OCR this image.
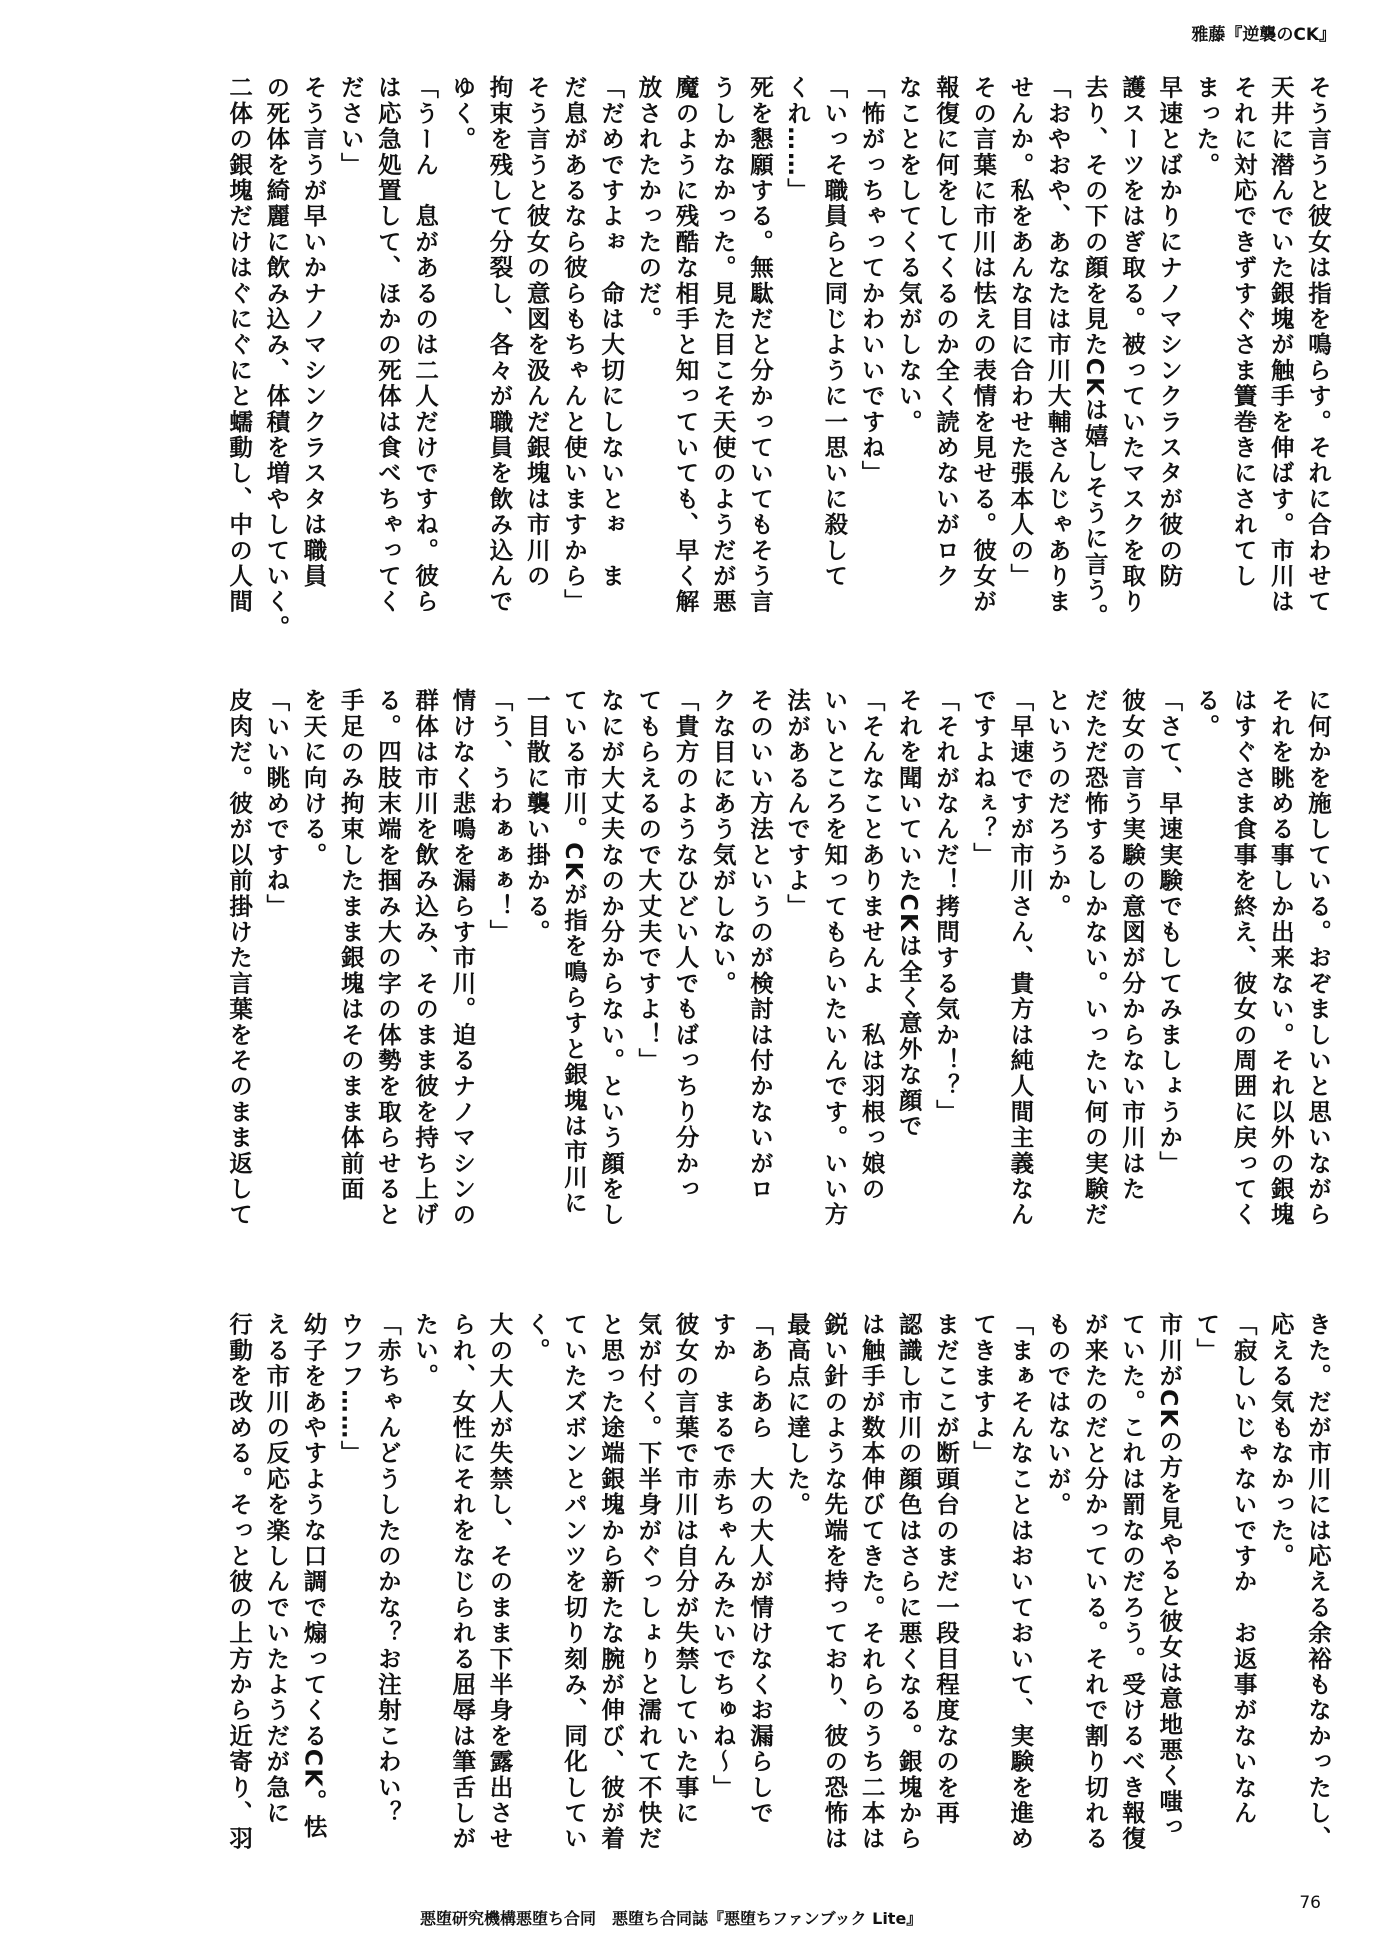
雅藤『逆襲のCK』

そう言うと彼女は指を鳴らす。それに合わせて

天井に潜んでいた銀塊が触手を伸ばす。市川は

それに対応できずすぐさま簀巻きにされてし

まった。

早速とばかりにナノマシンクラスタが彼の防

護スーツをはぎ取る。被っていたマスクを取り

去り、その下の顔を見たCKは嬉しそうに言う。

「おやおや、あなたは市川大輔さんじゃありま

せんか。私をあんな目に合わせた張本人の」

その言葉に市川は怯えの表情を見せる。彼女が

報復に何をしてくるのか全く読めないがロク

なことをしてくる気がしない。

「怖がっちゃってかわいいですね」

「いっそ職員らと同じように一思いに殺して

くれ……」

死を懇願する。無駄だと分かっていてもそう言

うしかなかった。見た目こそ天使のようだが悪

魔のように残酷な相手と知っていても、早く解

放されたかったのだ。

「だめですよぉ　命は大切にしないとぉ　ま

だ息があるなら彼らもちゃんと使いますから」

そう言うと彼女の意図を汲んだ銀塊は市川の

拘束を残して分裂し、各々が職員を飲み込んで

ゆく。

「うーん　息があるのは二人だけですね。彼ら

は応急処置して、ほかの死体は食べちゃってく

ださい」

そう言うが早いかナノマシンクラスタは職員

の死体を綺麗に飲み込み、体積を増やしていく。

二体の銀塊だけはぐにぐにと蠕動し、中の人間

に何かを施している。おぞましいと思いながら

それを眺める事しか出来ない。それ以外の銀塊

はすぐさま食事を終え、彼女の周囲に戻ってく

る。

「さて、早速実験でもしてみましょうか」

彼女の言う実験の意図が分からない市川はた

だただ恐怖するしかない。いったい何の実験だ

というのだろうか。

「早速ですが市川さん、貴方は純人間主義なん

ですよねぇ？」

「それがなんだ！拷問する気か！？」

それを聞いていたCKは全く意外な顔で

「そんなことありませんよ　私は羽根っ娘の

いいところを知ってもらいたいんです。いい方

法があるんですよ」

そのいい方法というのが検討は付かないがロ

クな目にあう気がしない。

「貴方のようなひどい人でもばっちり分かっ

てもらえるので大丈夫ですよ！」

なにが大丈夫なのか分からない。という顔をし

ている市川。CKが指を鳴らすと銀塊は市川に

一目散に襲い掛かる。

「う、うわぁぁぁ！」

情けなく悲鳴を漏らす市川。迫るナノマシンの

群体は市川を飲み込み、そのまま彼を持ち上げ

る。四肢末端を掴み大の字の体勢を取らせると

手足のみ拘束したまま銀塊はそのまま体前面

を天に向ける。

「いい眺めですね」

皮肉だ。彼が以前掛けた言葉をそのまま返して

きた。だが市川には応える余裕もなかったし、

応える気もなかった。

「寂しいじゃないですか　お返事がないなん

て」

市川がCKの方を見やると彼女は意地悪く嗤っ

ていた。これは罰なのだろう。受けるべき報復

が来たのだと分かっている。それで割り切れる

ものではないが。

「まぁそんなことはおいておいて、実験を進め

てきますよ」

まだここが断頭台のまだ一段目程度なのを再

認識し市川の顔色はさらに悪くなる。銀塊から

は触手が数本伸びてきた。それらのうち二本は

鋭い針のような先端を持っており、彼の恐怖は

最高点に達した。

「あらあら　大の大人が情けなくお漏らしで

すか　まるで赤ちゃんみたいでちゅね～」

彼女の言葉で市川は自分が失禁していた事に

気が付く。下半身がぐっしょりと濡れて不快だ

と思った途端銀塊から新たな腕が伸び、彼が着

ていたズボンとパンツを切り刻み、同化してい

く。

大の大人が失禁し、そのまま下半身を露出させ

られ、女性にそれをなじられる屈辱は筆舌しが

たい。

「赤ちゃんどうしたのかな？お注射こわい？

ウフフ……」

幼子をあやすような口調で煽ってくるCK。怯

える市川の反応を楽しんでいたようだが急に

行動を改める。そっと彼の上方から近寄り、羽

悪堕研究機構悪堕ち合同　悪堕ち合同誌『悪堕ちファンブック Lite』
76
